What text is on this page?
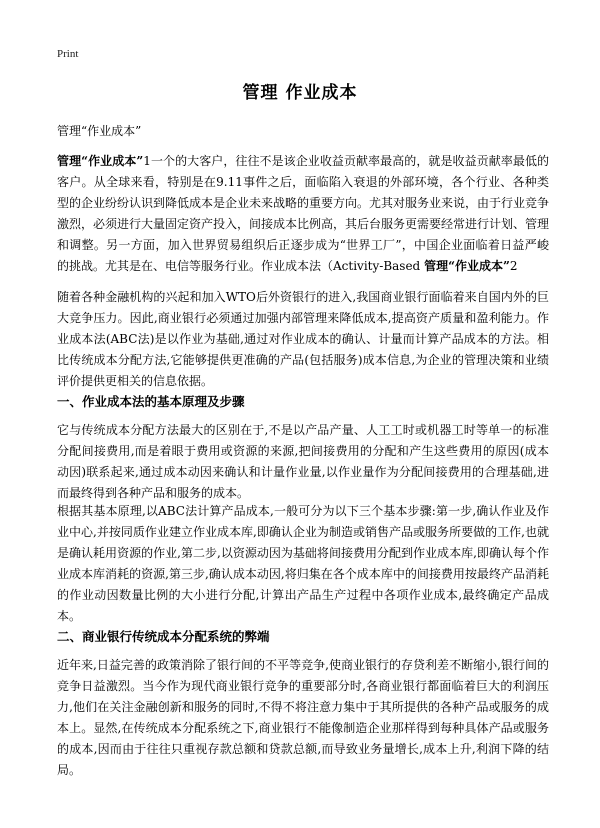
Print
管理 作业成本
管理“作业成本”

管理“作业成本”1一个的大客户，往往不是该企业收益贡献率最高的，就是收益贡献率最低的客户。从全球来看，特别是在9.11事件之后，面临陷入衰退的外部环境，各个行业、各种类型的企业纷纷认识到降低成本是企业未来战略的重要方向。尤其对服务业来说，由于行业竞争激烈，必须进行大量固定资产投入，间接成本比例高，其后台服务更需要经常进行计划、管理和调整。另一方面，加入世界贸易组织后正逐步成为“世界工厂”，中国企业面临着日益严峻的挑战。尤其是在、电信等服务行业。作业成本法（Activity-Based 管理“作业成本”2

随着各种金融机构的兴起和加入WTO后外资银行的进入,我国商业银行面临着来自国内外的巨大竞争压力。因此,商业银行必须通过加强内部管理来降低成本,提高资产质量和盈利能力。作业成本法(ABC法)是以作业为基础,通过对作业成本的确认、计量而计算产品成本的方法。相比传统成本分配方法,它能够提供更准确的产品(包括服务)成本信息,为企业的管理决策和业绩评价提供更相关的信息依据。

一、作业成本法的基本原理及步骤

它与传统成本分配方法最大的区别在于,不是以产品产量、人工工时或机器工时等单一的标准分配间接费用,而是着眼于费用或资源的来源,把间接费用的分配和产生这些费用的原因(成本动因)联系起来,通过成本动因来确认和计量作业量,以作业量作为分配间接费用的合理基础,进而最终得到各种产品和服务的成本。

根据其基本原理,以ABC法计算产品成本,一般可分为以下三个基本步骤:第一步,确认作业及作业中心,并按同质作业建立作业成本库,即确认企业为制造或销售产品或服务所要做的工作,也就是确认耗用资源的作业,第二步,以资源动因为基础将间接费用分配到作业成本库,即确认每个作业成本库消耗的资源,第三步,确认成本动因,将归集在各个成本库中的间接费用按最终产品消耗的作业动因数量比例的大小进行分配,计算出产品生产过程中各项作业成本,最终确定产品成本。

二、商业银行传统成本分配系统的弊端

近年来,日益完善的政策消除了银行间的不平等竞争,使商业银行的存贷利差不断缩小,银行间的竞争日益激烈。当今作为现代商业银行竞争的重要部分时,各商业银行都面临着巨大的利润压力,他们在关注金融创新和服务的同时,不得不将注意力集中于其所提供的各种产品或服务的成本上。显然,在传统成本分配系统之下,商业银行不能像制造企业那样得到每种具体产品或服务的成本,因而由于往往只重视存款总额和贷款总额,而导致业务量增长,成本上升,利润下降的结局。
